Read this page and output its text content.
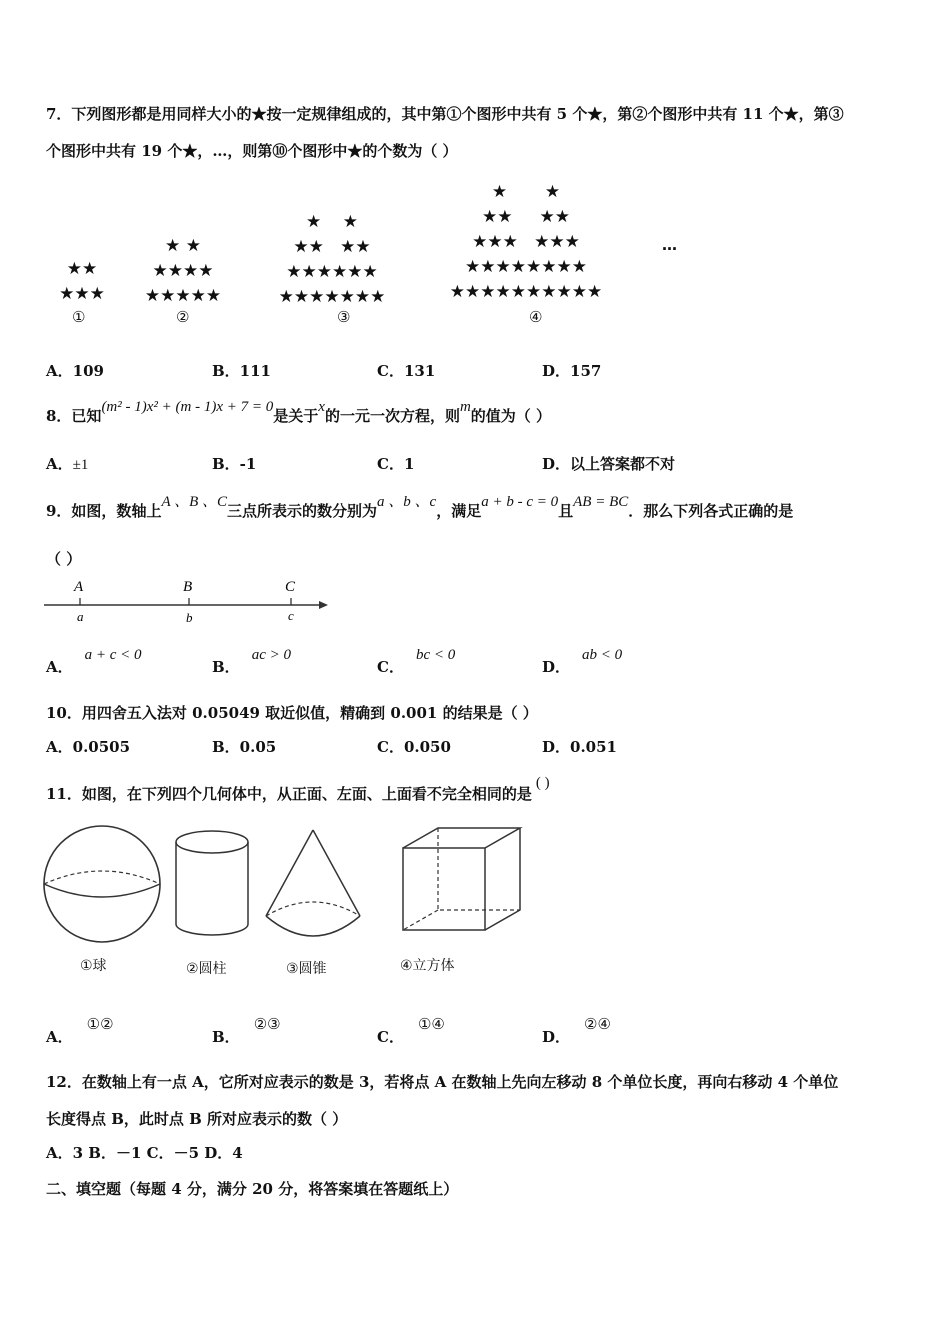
7．下列图形都是用同样大小的★按一定规律组成的，其中第①个图形中共有 5 个★，第②个图形中共有 11 个★，第③
个图形中共有 19 个★，…，则第⑩个图形中★的个数为（ ）
★★
★★★
①
★ ★
★★★★
★★★★★
②
★    ★
★★   ★★
★★★★★★
★★★★★★★
③
★       ★
★★     ★★
★★★   ★★★
★★★★★★★★
★★★★★★★★★★
④
…
A．109	B．111	C．131	D．157
8．已知(m² - 1)x² + (m - 1)x + 7 = 0是关于x的一元一次方程，则m的值为（ ）
A．±1	B．-1	C．1	D．以上答案都不对
9．如图，数轴上A 、B 、C三点所表示的数分别为a 、b 、c，满足a + b - c = 0且AB = BC．那么下列各式正确的是
（ ）
A	B	C
a	b	c
A．a + c < 0
B．ac > 0
C．bc < 0
D．ab < 0
10．用四舍五入法对 0.05049 取近似值，精确到 0.001 的结果是（ ）
A．0.0505	B．0.05	C．0.050	D．0.051
11．如图，在下列四个几何体中，从正面、左面、上面看不完全相同的是( )
①球	②圆柱	③圆锥	④立方体
A．①②
B．②③
C．①④
D．②④
12．在数轴上有一点 A，它所对应表示的数是 3，若将点 A 在数轴上先向左移动 8 个单位长度，再向右移动 4 个单位
长度得点 B，此时点 B 所对应表示的数（ ）
A．3 B．－1 C．－5 D．4
二、填空题（每题 4 分，满分 20 分，将答案填在答题纸上）
